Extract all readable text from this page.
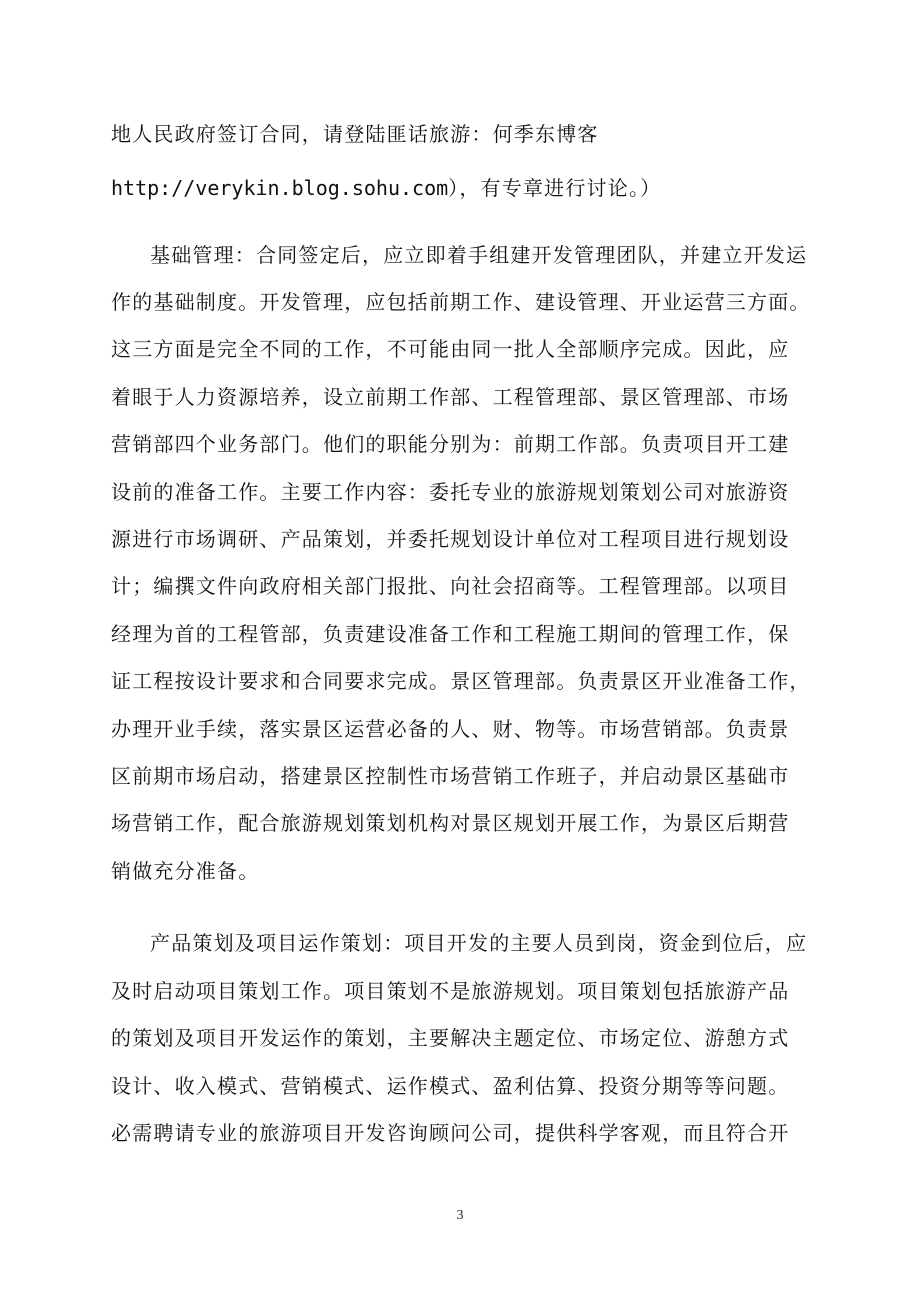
地人民政府签订合同，请登陆匪话旅游：何季东博客
http://verykin.blog.sohu.com），有专章进行讨论。）
基础管理：合同签定后，应立即着手组建开发管理团队，并建立开发运
作的基础制度。开发管理，应包括前期工作、建设管理、开业运营三方面。
这三方面是完全不同的工作，不可能由同一批人全部顺序完成。因此，应
着眼于人力资源培养，设立前期工作部、工程管理部、景区管理部、市场
营销部四个业务部门。他们的职能分别为：前期工作部。负责项目开工建
设前的准备工作。主要工作内容：委托专业的旅游规划策划公司对旅游资
源进行市场调研、产品策划，并委托规划设计单位对工程项目进行规划设
计；编撰文件向政府相关部门报批、向社会招商等。工程管理部。以项目
经理为首的工程管部，负责建设准备工作和工程施工期间的管理工作，保
证工程按设计要求和合同要求完成。景区管理部。负责景区开业准备工作，
办理开业手续，落实景区运营必备的人、财、物等。市场营销部。负责景
区前期市场启动，搭建景区控制性市场营销工作班子，并启动景区基础市
场营销工作，配合旅游规划策划机构对景区规划开展工作，为景区后期营
销做充分准备。
产品策划及项目运作策划：项目开发的主要人员到岗，资金到位后，应
及时启动项目策划工作。项目策划不是旅游规划。项目策划包括旅游产品
的策划及项目开发运作的策划，主要解决主题定位、市场定位、游憩方式
设计、收入模式、营销模式、运作模式、盈利估算、投资分期等等问题。
必需聘请专业的旅游项目开发咨询顾问公司，提供科学客观，而且符合开
3
